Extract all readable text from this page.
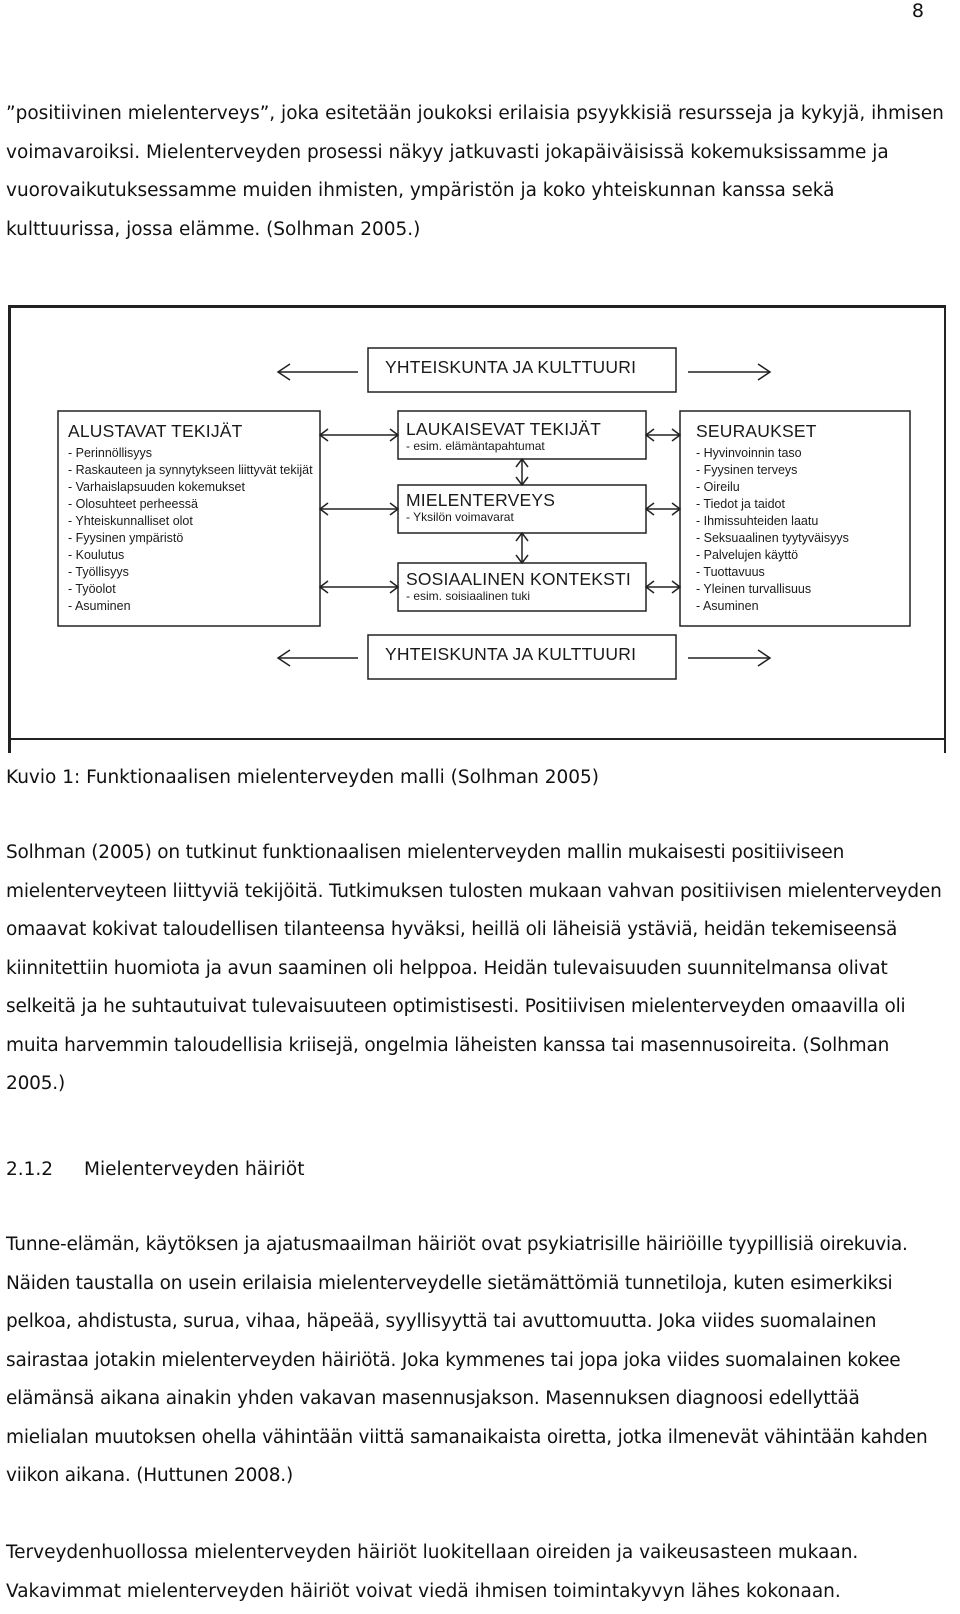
8

”positiivinen mielenterveys”, joka esitetään joukoksi erilaisia psyykkisiä resursseja ja kykyjä, ihmisen voimavaroiksi. Mielenterveyden prosessi näkyy jatkuvasti jokapäiväisissä kokemuksissamme ja vuorovaikutuksessamme muiden ihmisten, ympäristön ja koko yhteiskunnan kanssa sekä kulttuurissa, jossa elämme. (Solhman 2005.)

YHTEISKUNTA JA KULTTUURI
ALUSTAVAT TEKIJÄT
- Perinnöllisyys
- Raskauteen ja synnytykseen liittyvät tekijät
- Varhaislapsuuden kokemukset
- Olosuhteet perheessä
- Yhteiskunnalliset olot
- Fyysinen ympäristö
- Koulutus
- Työllisyys
- Työolot
- Asuminen
LAUKAISEVAT TEKIJÄT
- esim. elämäntapahtumat
MIELENTERVEYS
- Yksilön voimavarat
SOSIAALINEN KONTEKSTI
- esim. soisiaalinen tuki
SEURAUKSET
- Hyvinvoinnin taso
- Fyysinen terveys
- Oireilu
- Tiedot ja taidot
- Ihmissuhteiden laatu
- Seksuaalinen tyytyväisyys
- Palvelujen käyttö
- Tuottavuus
- Yleinen turvallisuus
- Asuminen
YHTEISKUNTA JA KULTTUURI

Kuvio 1: Funktionaalisen mielenterveyden malli (Solhman 2005)

Solhman (2005) on tutkinut funktionaalisen mielenterveyden mallin mukaisesti positiiviseen mielenterveyteen liittyviä tekijöitä. Tutkimuksen tulosten mukaan vahvan positiivisen mielenterveyden omaavat kokivat taloudellisen tilanteensa hyväksi, heillä oli läheisiä ystäviä, heidän tekemiseensä kiinnitettiin huomiota ja avun saaminen oli helppoa. Heidän tulevaisuuden suunnitelmansa olivat selkeitä ja he suhtautuivat tulevaisuuteen optimistisesti. Positiivisen mielenterveyden omaavilla oli muita harvemmin taloudellisia kriisejä, ongelmia läheisten kanssa tai masennusoireita. (Solhman 2005.)

2.1.2 Mielenterveyden häiriöt

Tunne-elämän, käytöksen ja ajatusmaailman häiriöt ovat psykiatrisille häiriöille tyypillisiä oirekuvia. Näiden taustalla on usein erilaisia mielenterveydelle sietämättömiä tunnetiloja, kuten esimerkiksi pelkoa, ahdistusta, surua, vihaa, häpeää, syyllisyyttä tai avuttomuutta. Joka viides suomalainen sairastaa jotakin mielenterveyden häiriötä. Joka kymmenes tai jopa joka viides suomalainen kokee elämänsä aikana ainakin yhden vakavan masennusjakson. Masennuksen diagnoosi edellyttää mielialan muutoksen ohella vähintään viittä samanaikaista oiretta, jotka ilmenevät vähintään kahden viikon aikana. (Huttunen 2008.)

Terveydenhuollossa mielenterveyden häiriöt luokitellaan oireiden ja vaikeusasteen mukaan. Vakavimmat mielenterveyden häiriöt voivat viedä ihmisen toimintakyvyn lähes kokonaan.
